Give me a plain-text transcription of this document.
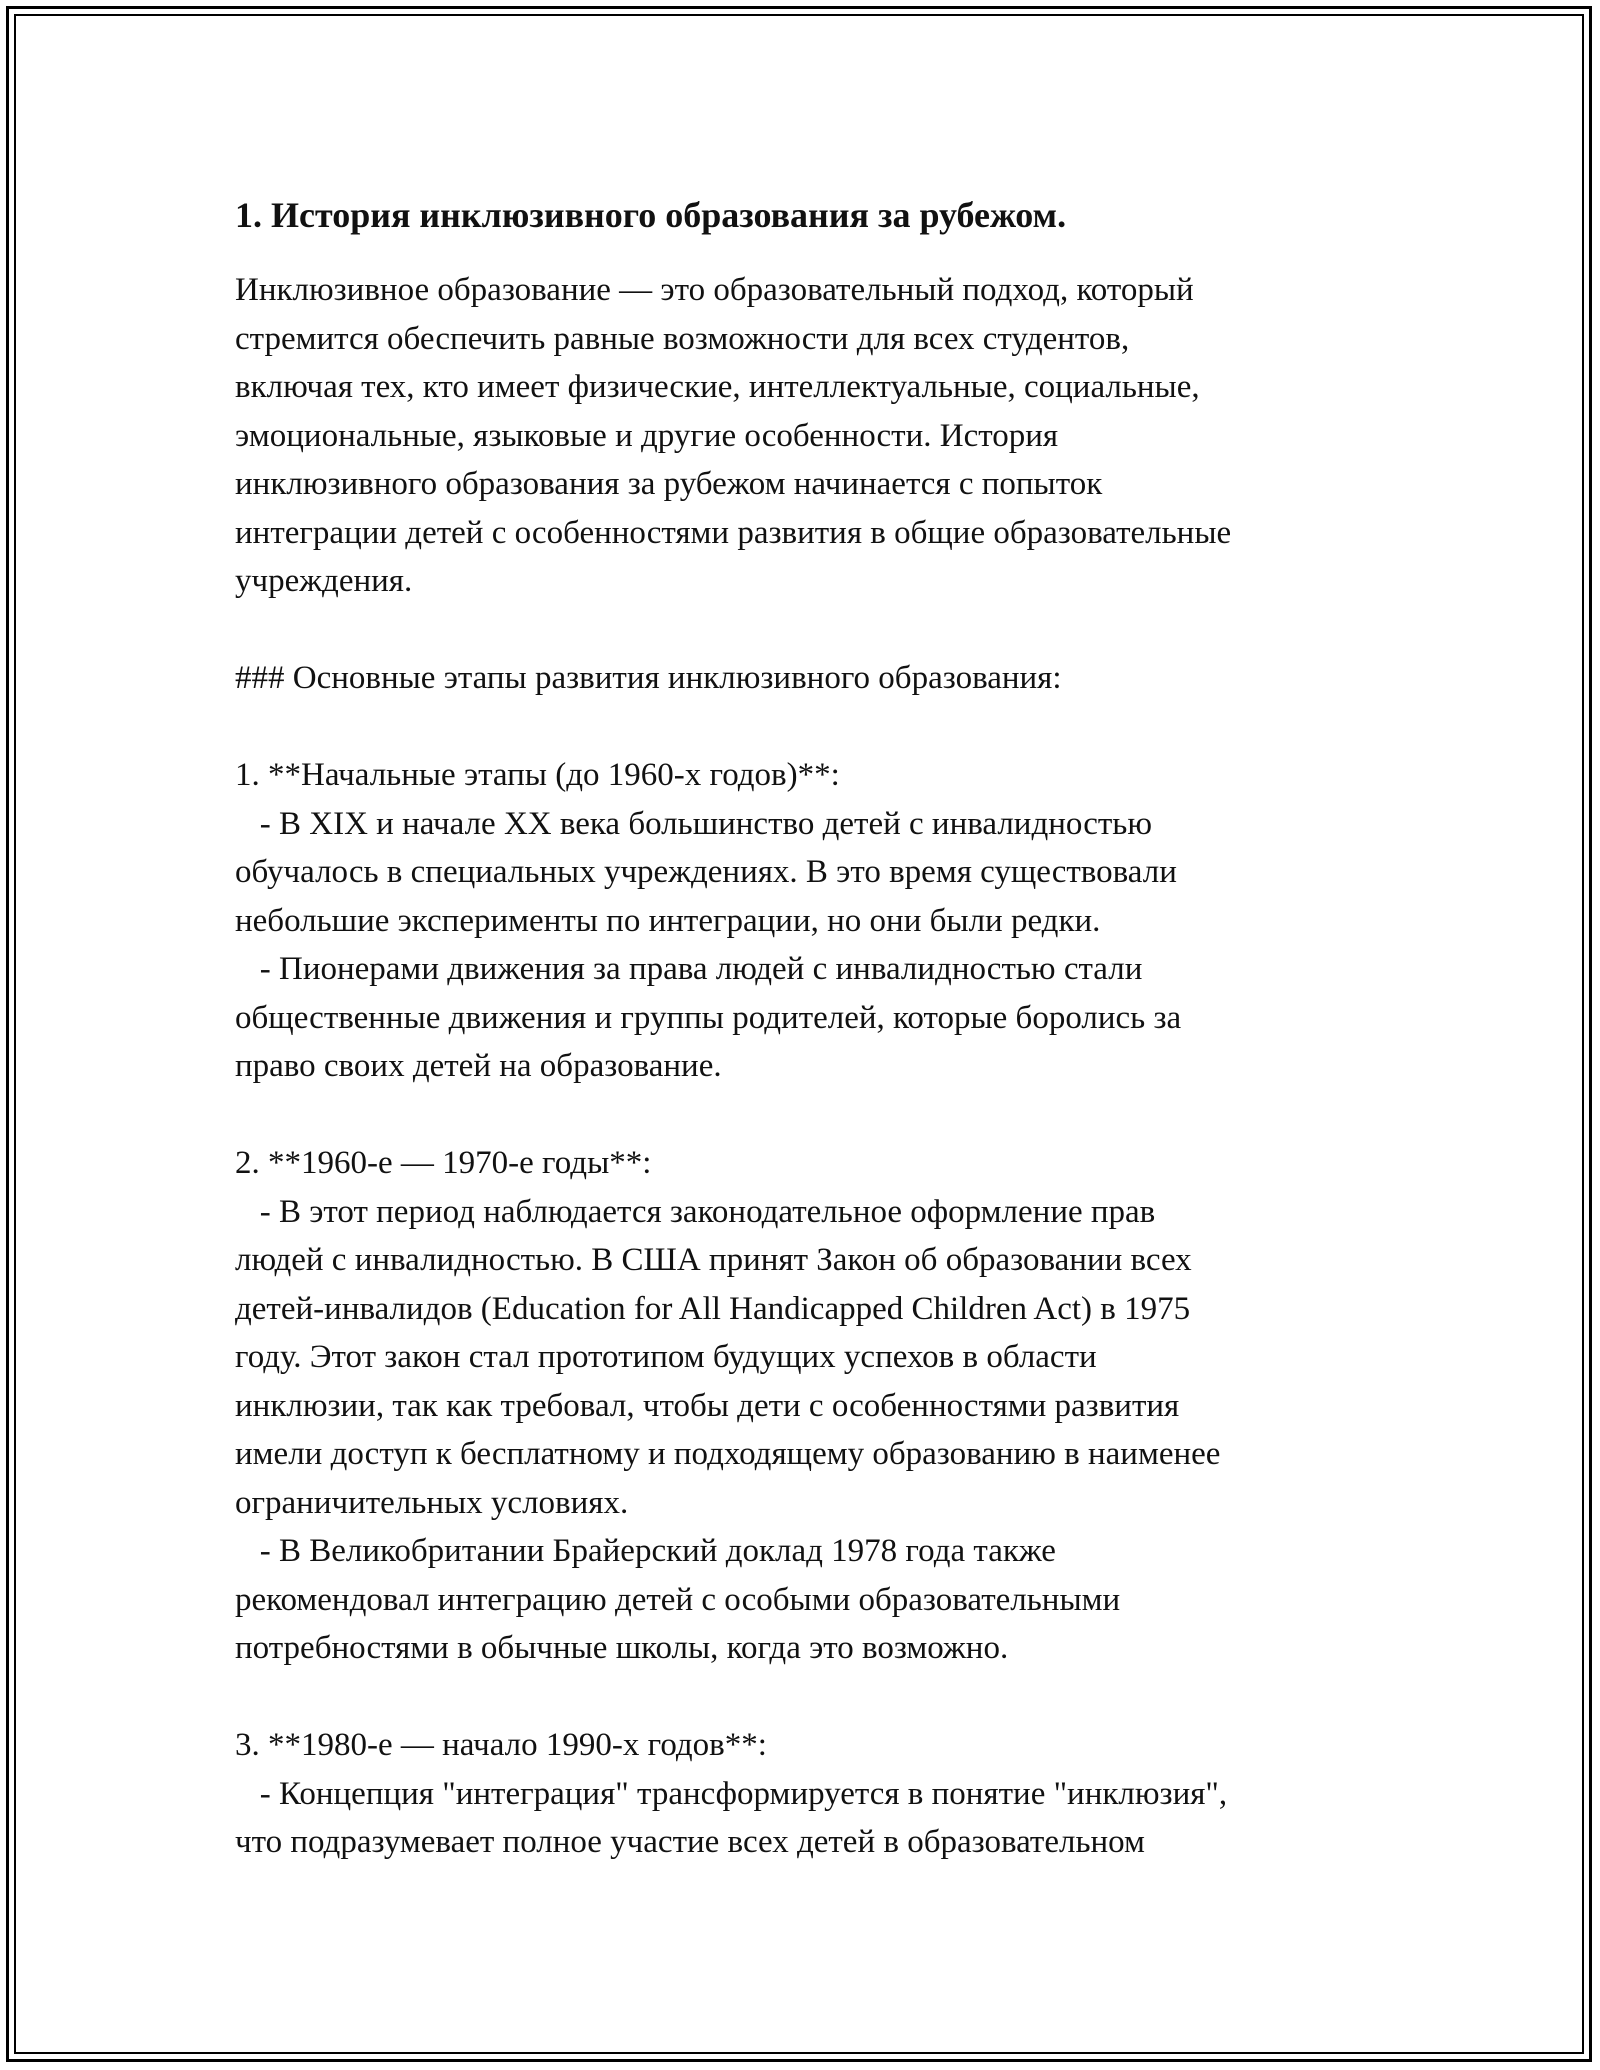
1. История инклюзивного образования за рубежом.

Инклюзивное образование — это образовательный подход, который
стремится обеспечить равные возможности для всех студентов,
включая тех, кто имеет физические, интеллектуальные, социальные,
эмоциональные, языковые и другие особенности. История
инклюзивного образования за рубежом начинается с попыток
интеграции детей с особенностями развития в общие образовательные
учреждения.

### Основные этапы развития инклюзивного образования:

1. **Начальные этапы (до 1960-х годов)**:

- В XIX и начале XX века большинство детей с инвалидностью
обучалось в специальных учреждениях. В это время существовали
небольшие эксперименты по интеграции, но они были редки.

- Пионерами движения за права людей с инвалидностью стали
общественные движения и группы родителей, которые боролись за
право своих детей на образование.

2. **1960-е — 1970-е годы**:

- В этот период наблюдается законодательное оформление прав
людей с инвалидностью. В США принят Закон об образовании всех
детей-инвалидов (Education for All Handicapped Children Act) в 1975
году. Этот закон стал прототипом будущих успехов в области
инклюзии, так как требовал, чтобы дети с особенностями развития
имели доступ к бесплатному и подходящему образованию в наименее
ограничительных условиях.

- В Великобритании Брайерский доклад 1978 года также
рекомендовал интеграцию детей с особыми образовательными
потребностями в обычные школы, когда это возможно.

3. **1980-е — начало 1990-х годов**:

- Концепция "интеграция" трансформируется в понятие "инклюзия",
что подразумевает полное участие всех детей в образовательном
